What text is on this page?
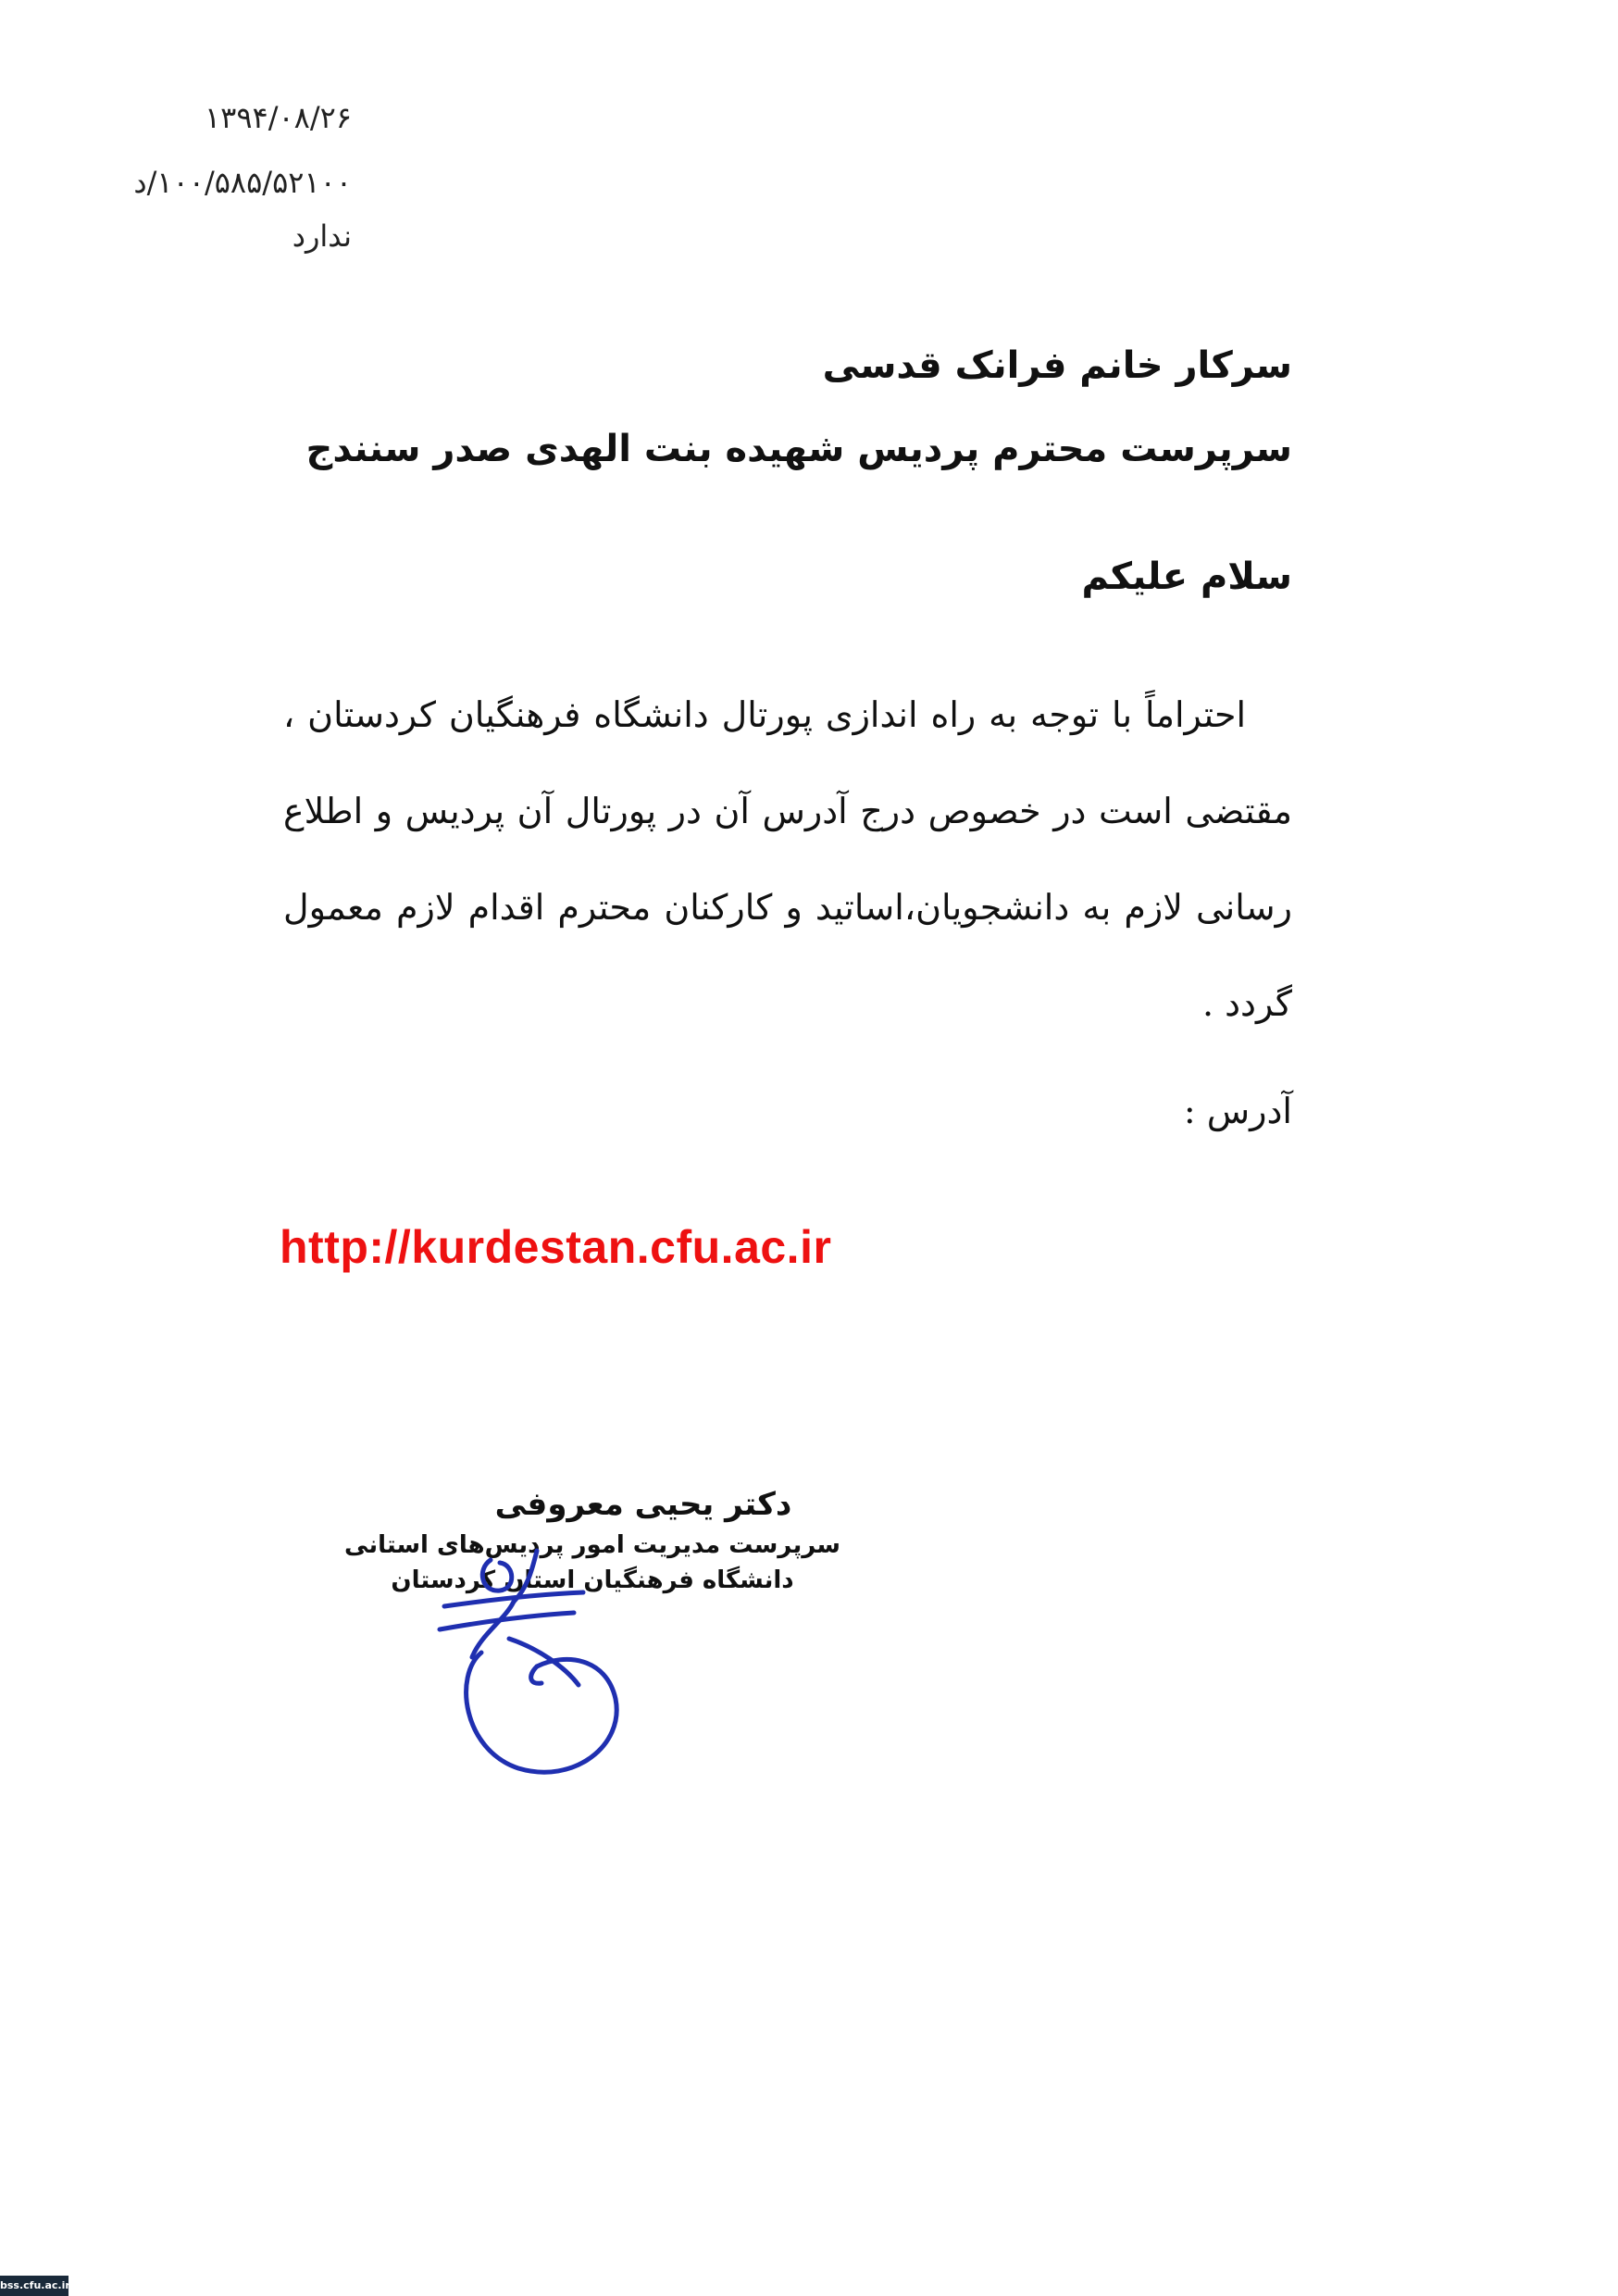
۱۳۹۴/۰۸/۲۶
۱۰۰/۵۸۵/۵۲۱۰۰/د
ندارد
سرکار خانم فرانک قدسی
سرپرست محترم پردیس شهیده بنت الهدی صدر سنندج
سلام علیکم

احتراماً با توجه به راه اندازی پورتال دانشگاه فرهنگیان کردستان ، مقتضی است در خصوص درج آدرس آن در پورتال آن پردیس و اطلاع رسانی لازم به دانشجویان،اساتید و کارکنان محترم اقدام لازم معمول گردد .

آدرس :
http://kurdestan.cfu.ac.ir
دکتر یحیی معروفی
سرپرست مدیریت امور پردیس‌های استانی
دانشگاه فرهنگیان استان کردستان
bss.cfu.ac.ir
